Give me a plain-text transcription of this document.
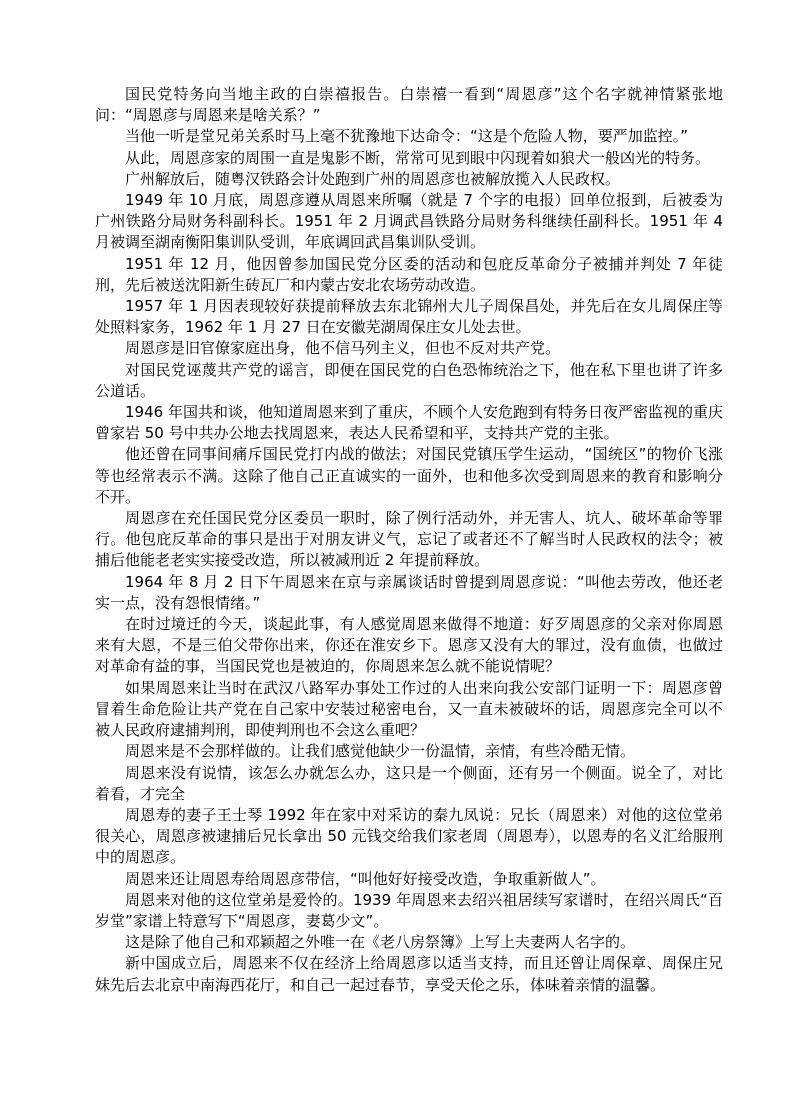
国民党特务向当地主政的白崇禧报告。白崇禧一看到“周恩彦”这个名字就神情紧张地问：“周恩彦与周恩来是啥关系？”

当他一听是堂兄弟关系时马上毫不犹豫地下达命令：“这是个危险人物，要严加监控。”

从此，周恩彦家的周围一直是鬼影不断，常常可见到眼中闪现着如狼犬一般凶光的特务。

广州解放后，随粤汉铁路会计处跑到广州的周恩彦也被解放揽入人民政权。

1949 年 10 月底，周恩彦遵从周恩来所嘱（就是 7 个字的电报）回单位报到，后被委为广州铁路分局财务科副科长。1951 年 2 月调武昌铁路分局财务科继续任副科长。1951 年 4 月被调至湖南衡阳集训队受训，年底调回武昌集训队受训。

1951 年 12 月，他因曾参加国民党分区委的活动和包庇反革命分子被捕并判处 7 年徒刑，先后被送沈阳新生砖瓦厂和内蒙古安北农场劳动改造。

1957 年 1 月因表现较好获提前释放去东北锦州大儿子周保昌处，并先后在女儿周保庄等处照料家务，1962 年 1 月 27 日在安徽芜湖周保庄女儿处去世。

周恩彦是旧官僚家庭出身，他不信马列主义，但也不反对共产党。

对国民党诬蔑共产党的谣言，即便在国民党的白色恐怖统治之下，他在私下里也讲了许多公道话。

1946 年国共和谈，他知道周恩来到了重庆，不顾个人安危跑到有特务日夜严密监视的重庆曾家岩 50 号中共办公地去找周恩来，表达人民希望和平，支持共产党的主张。

他还曾在同事间痛斥国民党打内战的做法；对国民党镇压学生运动，“国统区”的物价飞涨等也经常表示不满。这除了他自己正直诚实的一面外，也和他多次受到周恩来的教育和影响分不开。

周恩彦在充任国民党分区委员一职时，除了例行活动外，并无害人、坑人、破坏革命等罪行。他包庇反革命的事只是出于对朋友讲义气，忘记了或者还不了解当时人民政权的法令；被捕后他能老老实实接受改造，所以被减刑近 2 年提前释放。

1964 年 8 月 2 日下午周恩来在京与亲属谈话时曾提到周恩彦说：“叫他去劳改，他还老实一点，没有怨恨情绪。”

在时过境迁的今天，谈起此事，有人感觉周恩来做得不地道：好歹周恩彦的父亲对你周恩来有大恩，不是三伯父带你出来，你还在淮安乡下。恩彦又没有大的罪过，没有血债，也做过对革命有益的事，当国民党也是被迫的，你周恩来怎么就不能说情呢？

如果周恩来让当时在武汉八路军办事处工作过的人出来向我公安部门证明一下：周恩彦曾冒着生命危险让共产党在自己家中安装过秘密电台，又一直未被破坏的话，周恩彦完全可以不被人民政府逮捕判刑，即使判刑也不会这么重吧？

周恩来是不会那样做的。让我们感觉他缺少一份温情，亲情，有些冷酷无情。

周恩来没有说情，该怎么办就怎么办，这只是一个侧面，还有另一个侧面。说全了，对比着看，才完全

周恩寿的妻子王士琴 1992 年在家中对采访的秦九凤说：兄长（周恩来）对他的这位堂弟很关心，周恩彦被逮捕后兄长拿出 50 元钱交给我们家老周（周恩寿），以恩寿的名义汇给服刑中的周恩彦。

周恩来还让周恩寿给周恩彦带信，“叫他好好接受改造，争取重新做人”。

周恩来对他的这位堂弟是爱怜的。1939 年周恩来去绍兴祖居续写家谱时，在绍兴周氏“百岁堂”家谱上特意写下“周恩彦，妻葛少文”。

这是除了他自己和邓颖超之外唯一在《老八房祭簿》上写上夫妻两人名字的。

新中国成立后，周恩来不仅在经济上给周恩彦以适当支持，而且还曾让周保章、周保庄兄妹先后去北京中南海西花厅，和自己一起过春节，享受天伦之乐，体味着亲情的温馨。
